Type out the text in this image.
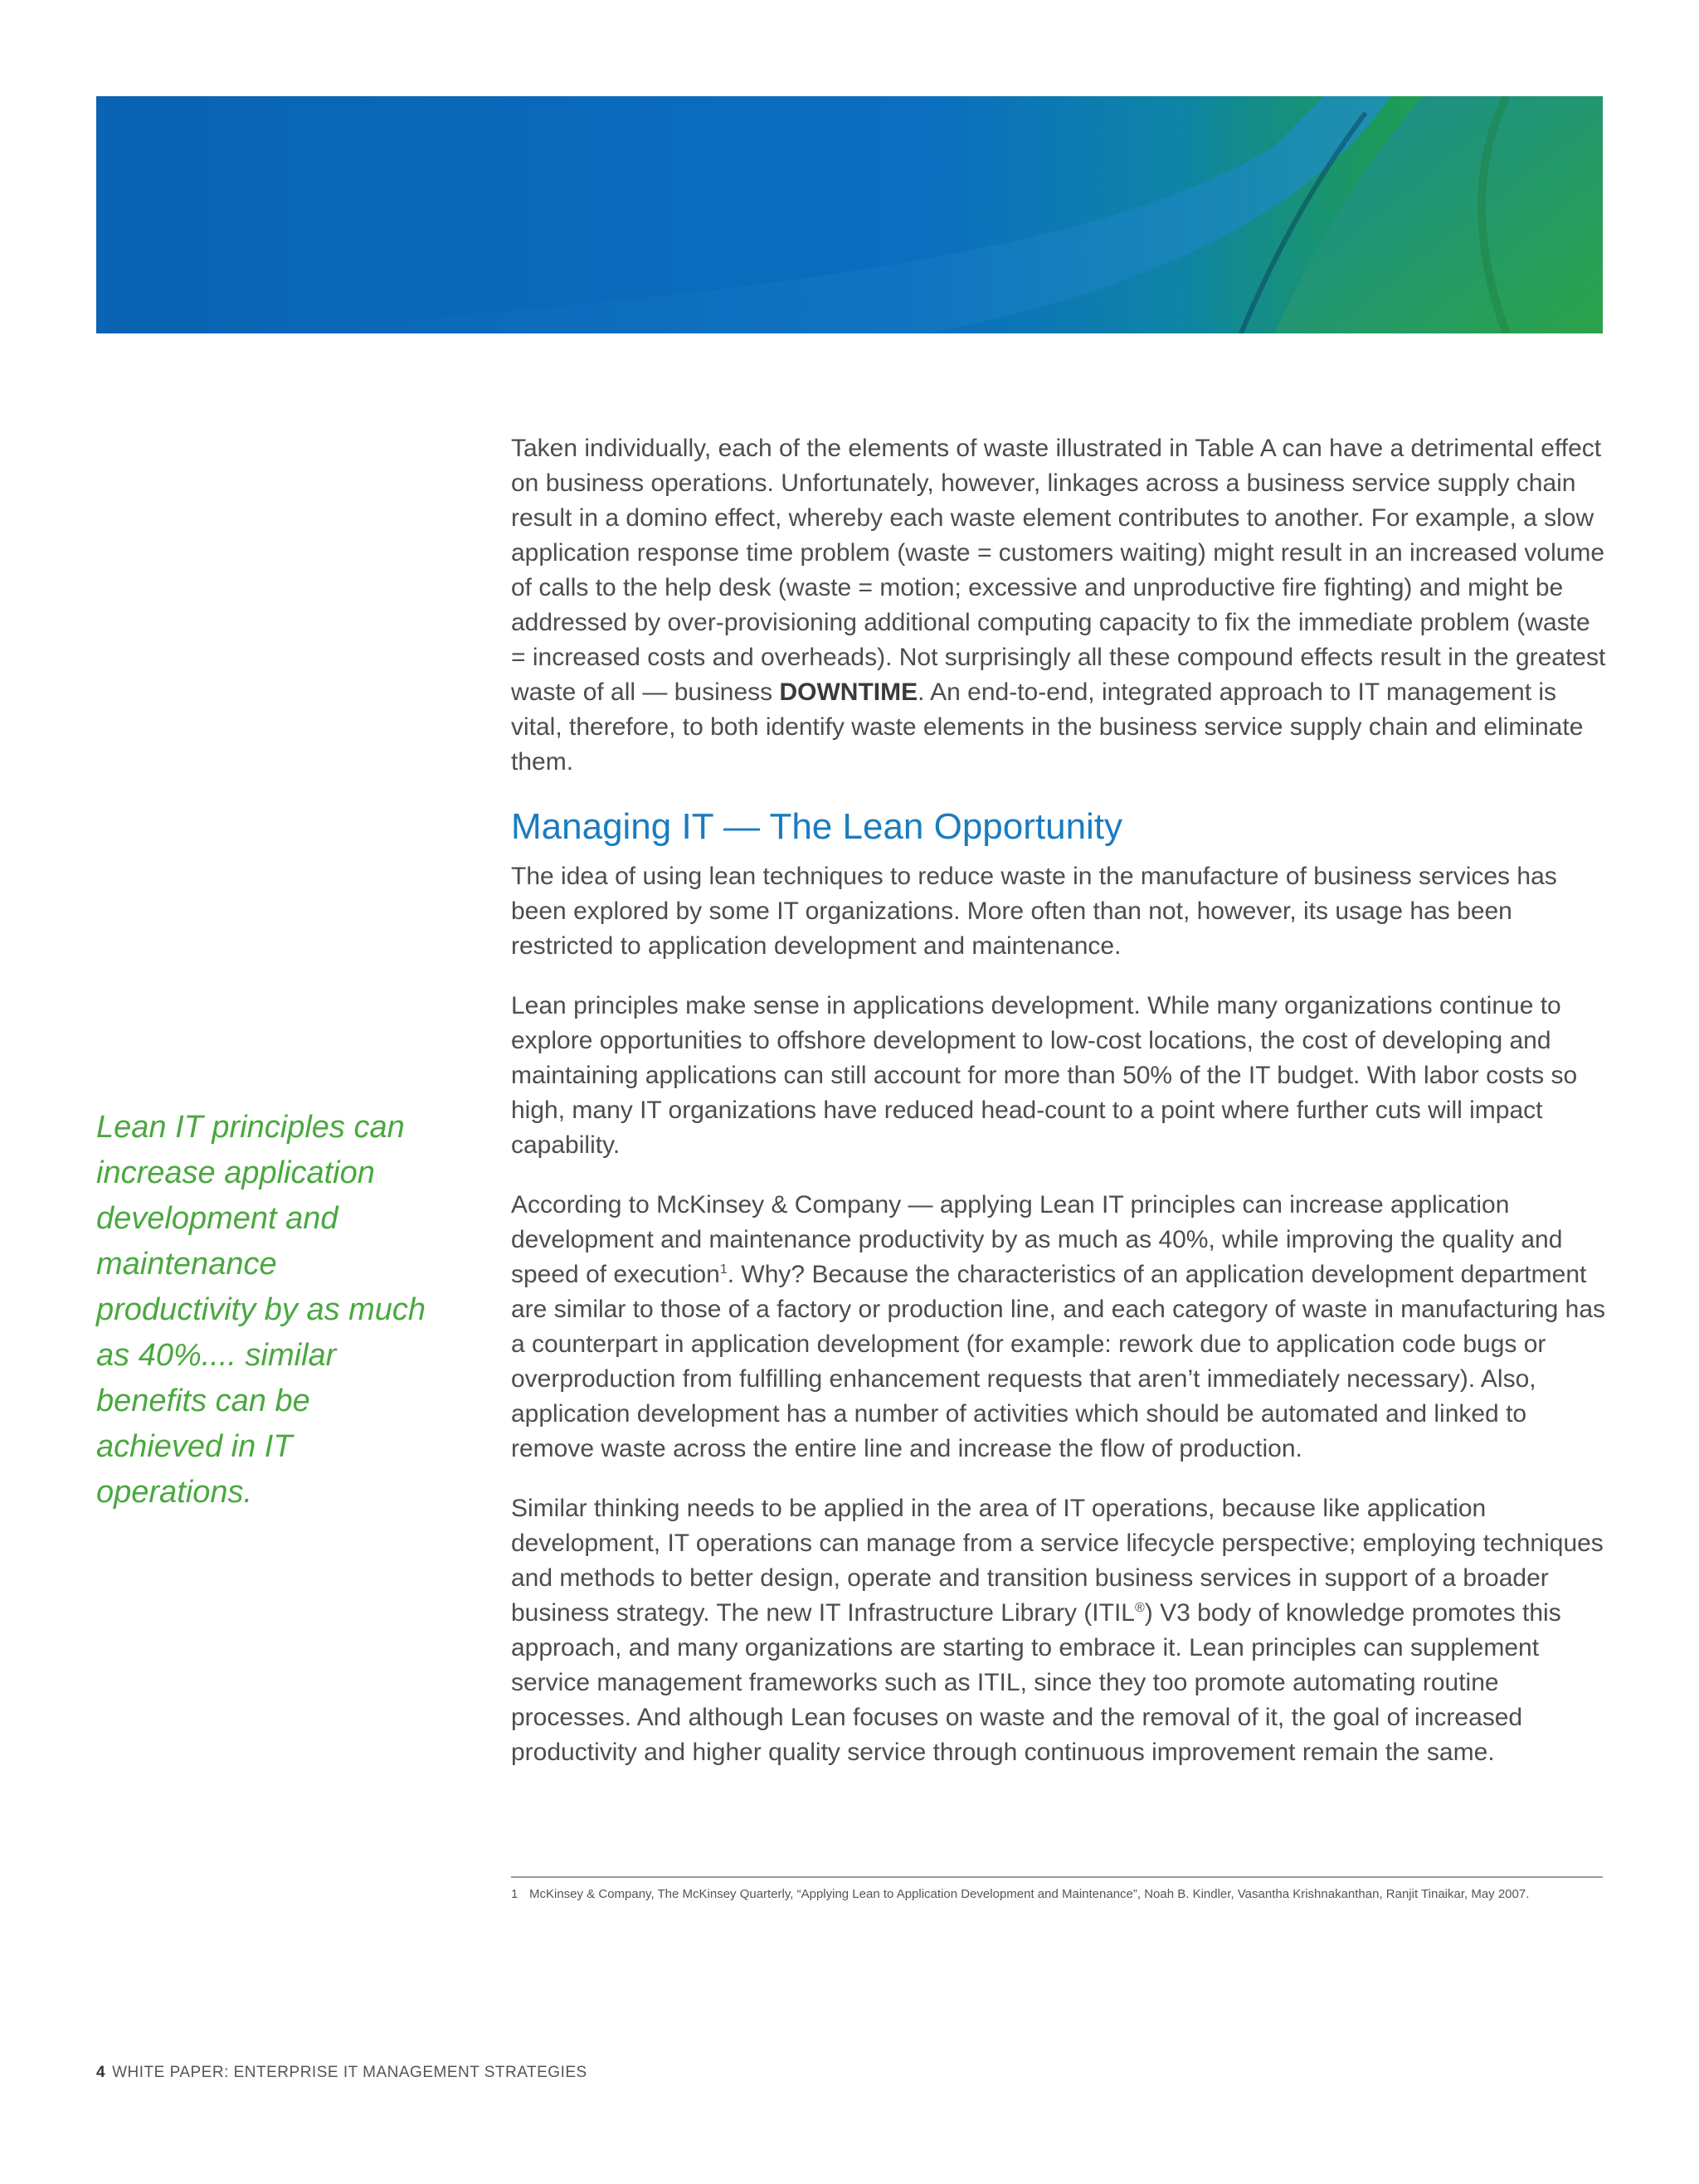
Taken individually, each of the elements of waste illustrated in Table A can have a detrimental effect on business operations. Unfortunately, however, linkages across a business service supply chain result in a domino effect, whereby each waste element contributes to another. For example, a slow application response time problem (waste = customers waiting) might result in an increased volume of calls to the help desk (waste = motion; excessive and unproductive fire fighting) and might be addressed by over-provisioning additional computing capacity to fix the immediate problem (waste = increased costs and overheads). Not surprisingly all these compound effects result in the greatest waste of all — business DOWNTIME. An end-to-end, integrated approach to IT management is vital, therefore, to both identify waste elements in the business service supply chain and eliminate them.

Managing IT — The Lean Opportunity

The idea of using lean techniques to reduce waste in the manufacture of business services has been explored by some IT organizations. More often than not, however, its usage has been restricted to application development and maintenance.

Lean principles make sense in applications development. While many organizations continue to explore opportunities to offshore development to low-cost locations, the cost of developing and maintaining applications can still account for more than 50% of the IT budget. With labor costs so high, many IT organizations have reduced head-count to a point where further cuts will impact capability.

According to McKinsey & Company — applying Lean IT principles can increase application development and maintenance productivity by as much as 40%, while improving the quality and speed of execution$^1$. Why? Because the characteristics of an application development department are similar to those of a factory or production line, and each category of waste in manufacturing has a counterpart in application development (for example: rework due to application code bugs or overproduction from fulfilling enhancement requests that aren’t immediately necessary). Also, application development has a number of activities which should be automated and linked to remove waste across the entire line and increase the flow of production.

Similar thinking needs to be applied in the area of IT operations, because like application development, IT operations can manage from a service lifecycle perspective; employing techniques and methods to better design, operate and transition business services in support of a broader business strategy. The new IT Infrastructure Library (ITIL®) V3 body of knowledge promotes this approach, and many organizations are starting to embrace it. Lean principles can supplement service management frameworks such as ITIL, since they too promote automating routine processes. And although Lean focuses on waste and the removal of it, the goal of increased productivity and higher quality service through continuous improvement remain the same.

Lean IT principles can increase application development and maintenance productivity by as much as 40%.... similar benefits can be achieved in IT operations.
1 McKinsey & Company, The McKinsey Quarterly, “Applying Lean to Application Development and Maintenance”, Noah B. Kindler, Vasantha Krishnakanthan, Ranjit Tinaikar, May 2007.
4 WHITE PAPER: ENTERPRISE IT MANAGEMENT STRATEGIES
